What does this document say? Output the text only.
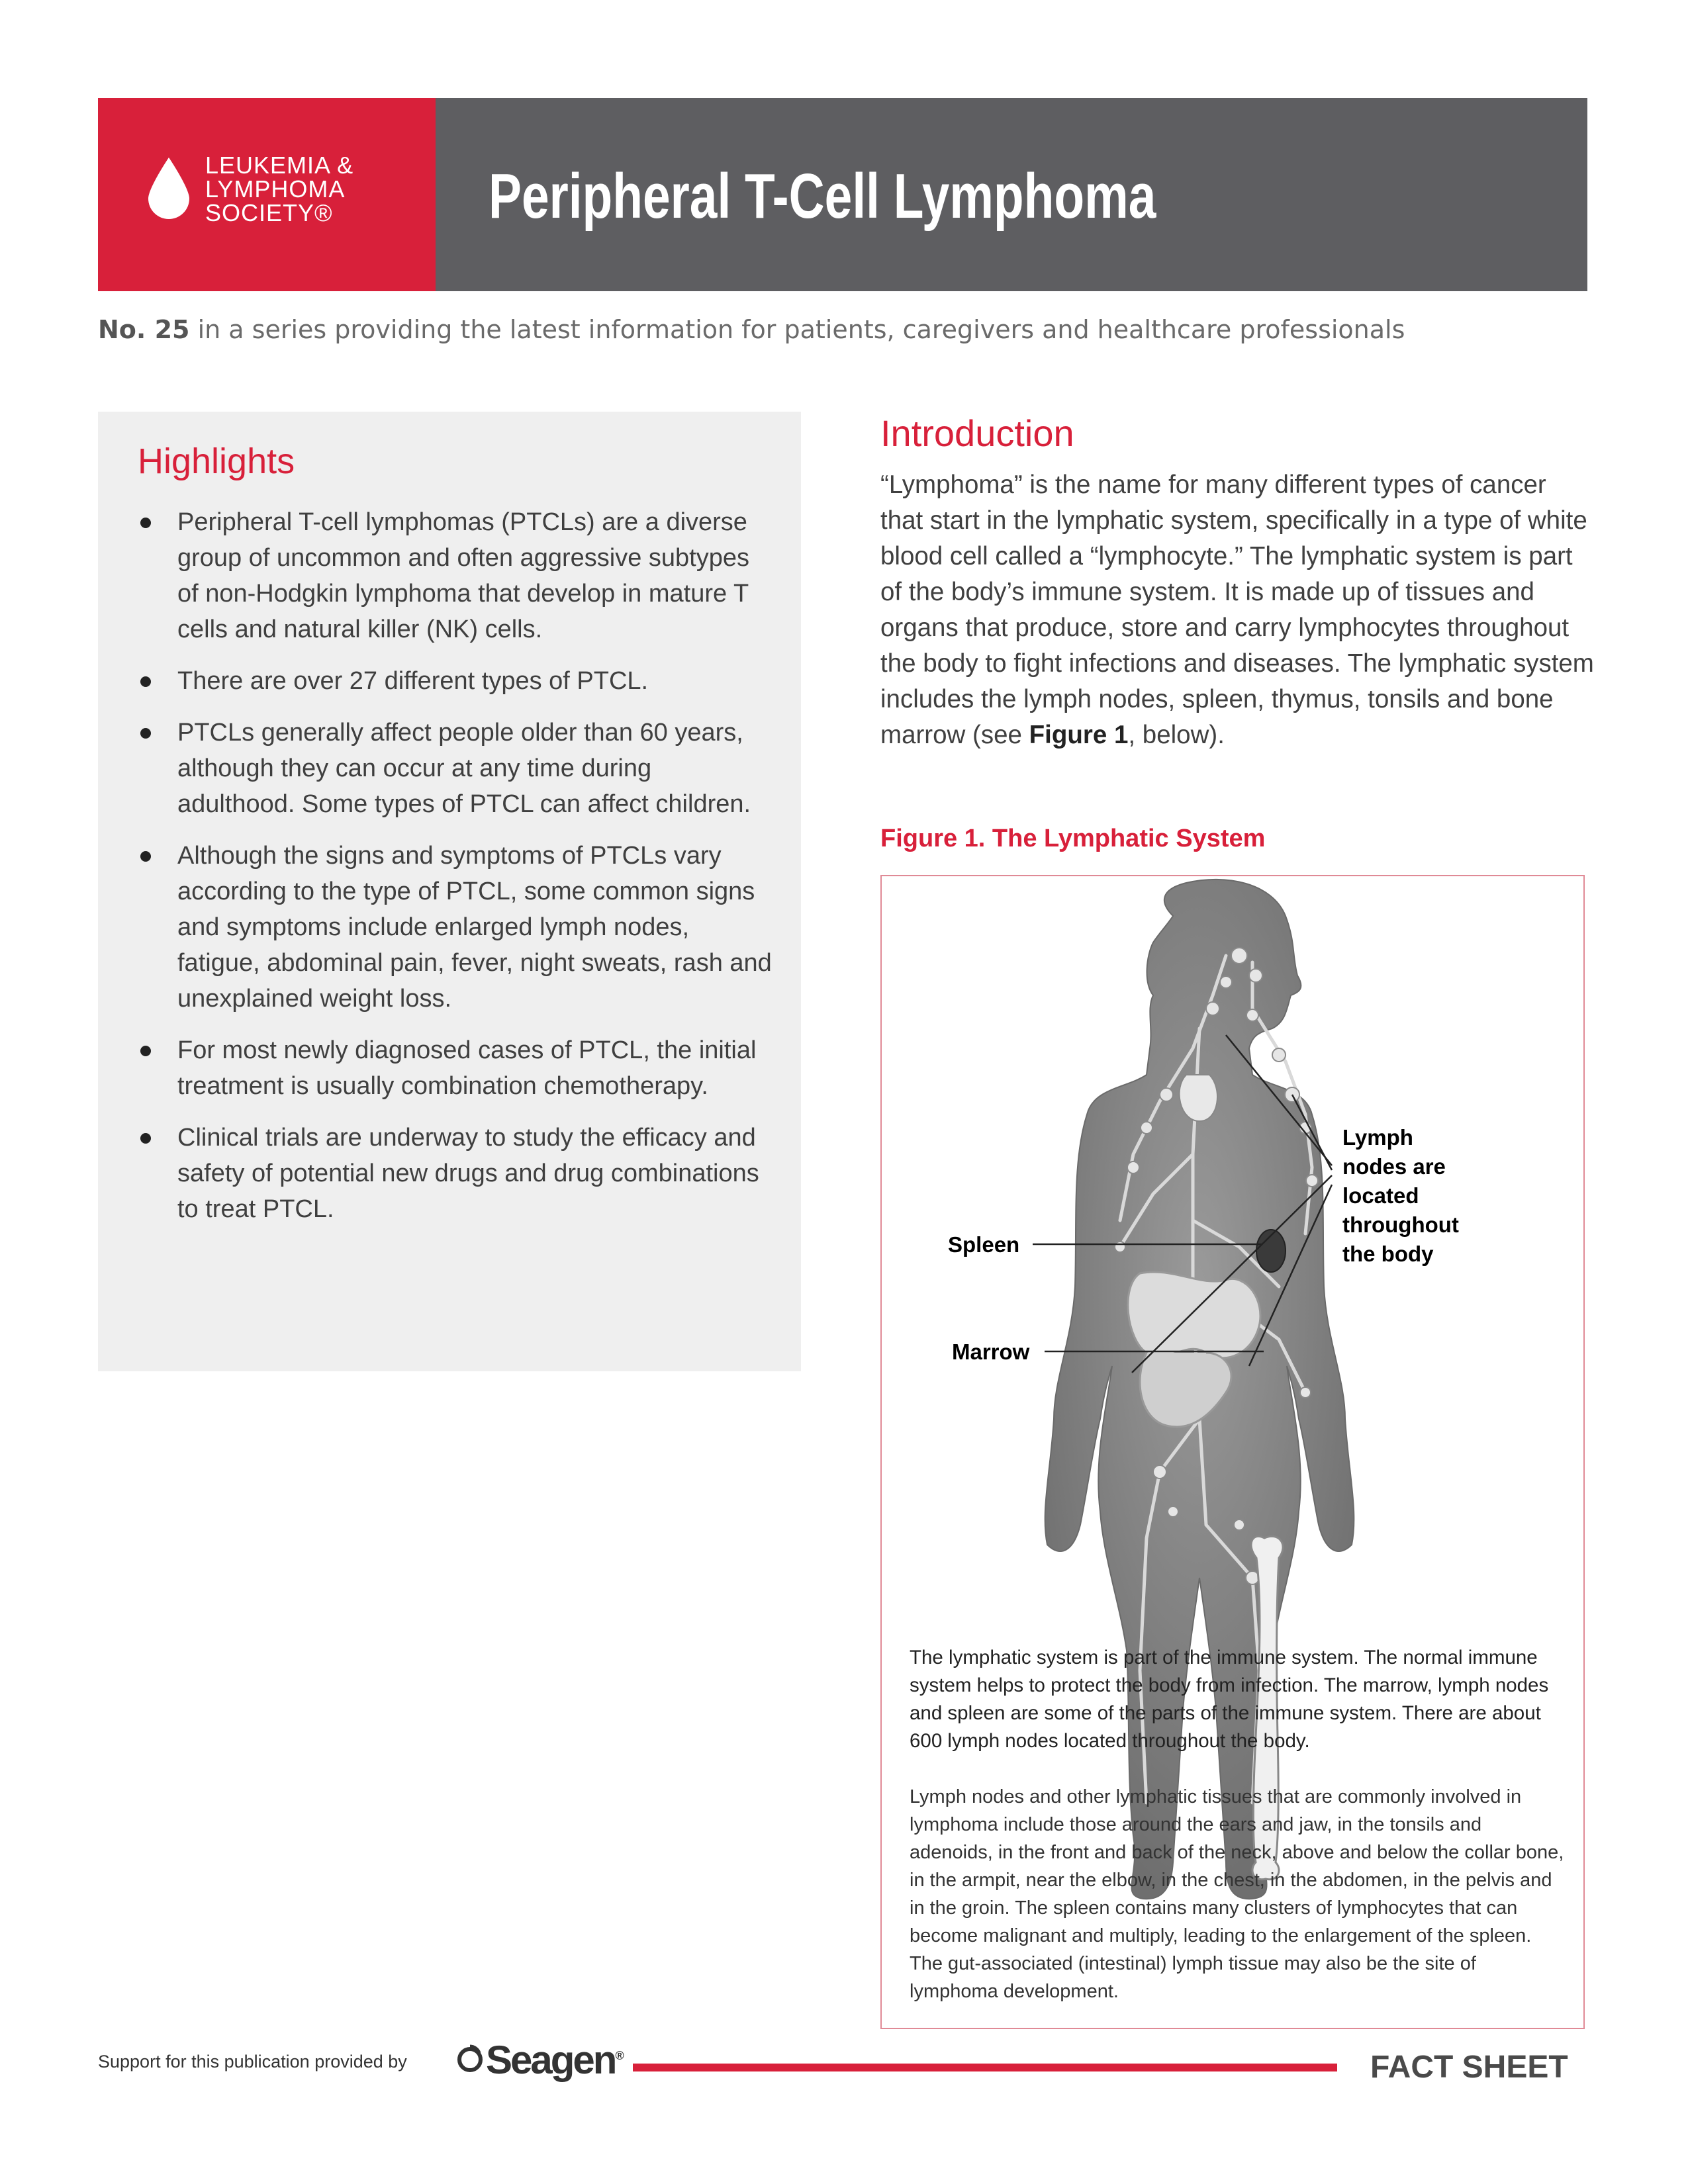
LEUKEMIA &
LYMPHOMA
SOCIETY®	Peripheral T-Cell Lymphoma
No. 25 in a series providing the latest information for patients, caregivers and healthcare professionals
Highlights
Peripheral T-cell lymphomas (PTCLs) are a diverse group of uncommon and often aggressive subtypes of non-Hodgkin lymphoma that develop in mature T cells and natural killer (NK) cells.
There are over 27 different types of PTCL.
PTCLs generally affect people older than 60 years, although they can occur at any time during adulthood. Some types of PTCL can affect children.
Although the signs and symptoms of PTCLs vary according to the type of PTCL, some common signs and symptoms include enlarged lymph nodes, fatigue, abdominal pain, fever, night sweats, rash and unexplained weight loss.
For most newly diagnosed cases of PTCL, the initial treatment is usually combination chemotherapy.
Clinical trials are underway to study the efficacy and safety of potential new drugs and drug combinations to treat PTCL.
Introduction
“Lymphoma” is the name for many different types of cancer that start in the lymphatic system, specifically in a type of white blood cell called a “lymphocyte.” The lymphatic system is part of the body’s immune system. It is made up of tissues and organs that produce, store and carry lymphocytes throughout the body to fight infections and diseases. The lymphatic system includes the lymph nodes, spleen, thymus, tonsils and bone marrow (see Figure 1, below).
Figure 1. The Lymphatic System
Spleen
Marrow
Lymph
nodes are
located
throughout
the body
The lymphatic system is part of the immune system. The normal immune system helps to protect the body from infection. The marrow, lymph nodes and spleen are some of the parts of the immune system. There are about 600 lymph nodes located throughout the body.
Lymph nodes and other lymphatic tissues that are commonly involved in lymphoma include those around the ears and jaw, in the tonsils and adenoids, in the front and back of the neck, above and below the collar bone, in the armpit, near the elbow, in the chest, in the abdomen, in the pelvis and in the groin. The spleen contains many clusters of lymphocytes that can become malignant and multiply, leading to the enlargement of the spleen. The gut-associated (intestinal) lymph tissue may also be the site of lymphoma development.
Support for this publication provided by Seagen®	FACT SHEET
